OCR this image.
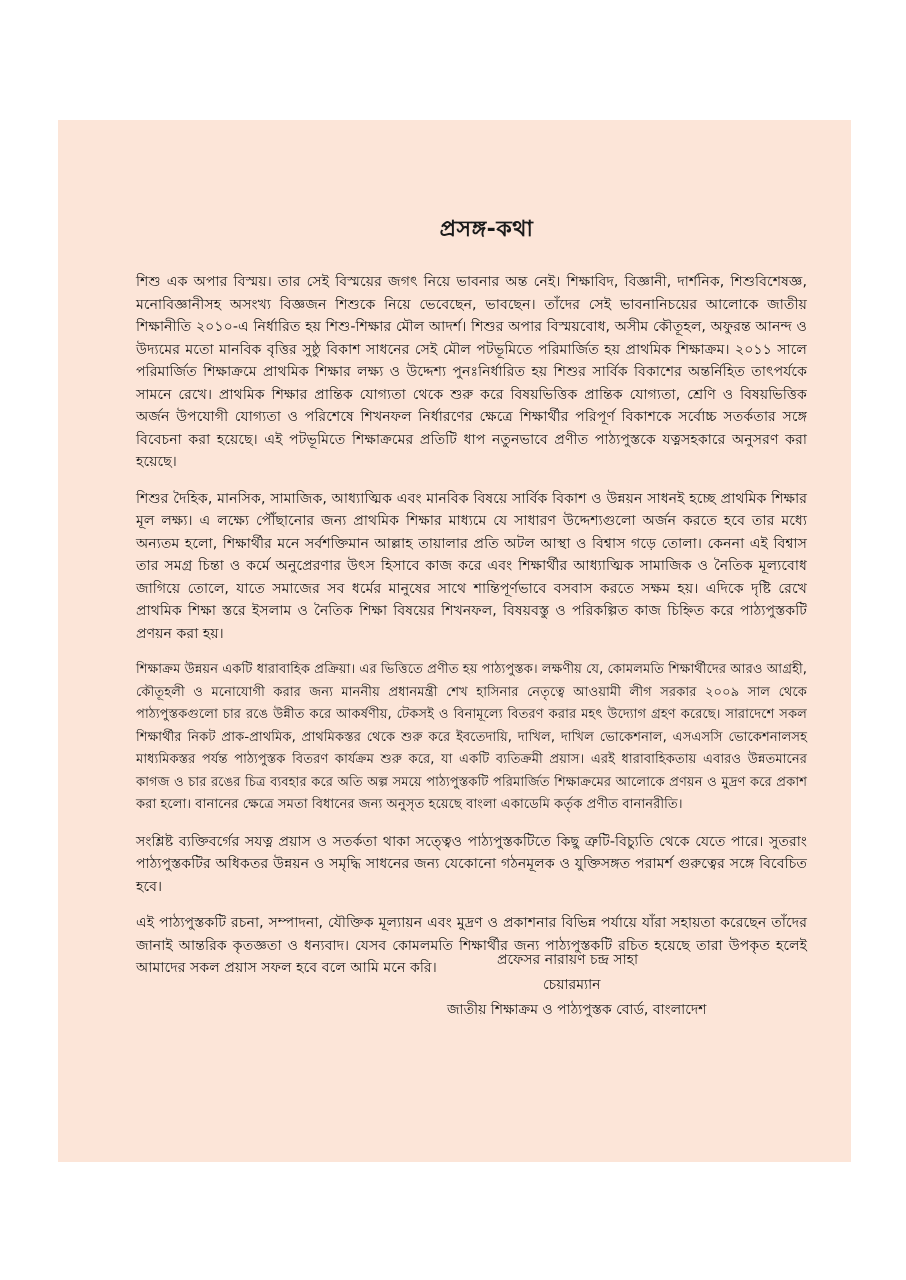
প্রসঙ্গ-কথা

শিশু এক অপার বিস্ময়। তার সেই বিস্ময়ের জগৎ নিয়ে ভাবনার অন্ত নেই। শিক্ষাবিদ, বিজ্ঞানী, দার্শনিক, শিশুবিশেষজ্ঞ, মনোবিজ্ঞানীসহ অসংখ্য বিজ্ঞজন শিশুকে নিয়ে ভেবেছেন, ভাবছেন। তাঁদের সেই ভাবনানিচয়ের আলোকে জাতীয় শিক্ষানীতি ২০১০-এ নির্ধারিত হয় শিশু-শিক্ষার মৌল আদর্শ। শিশুর অপার বিস্ময়বোধ, অসীম কৌতূহল, অফুরন্ত আনন্দ ও উদ্যমের মতো মানবিক বৃত্তির সুষ্ঠু বিকাশ সাধনের সেই মৌল পটভূমিতে পরিমার্জিত হয় প্রাথমিক শিক্ষাক্রম। ২০১১ সালে পরিমার্জিত শিক্ষাক্রমে প্রাথমিক শিক্ষার লক্ষ্য ও উদ্দেশ্য পুনঃনির্ধারিত হয় শিশুর সার্বিক বিকাশের অন্তর্নিহিত তাৎপর্যকে সামনে রেখে। প্রাথমিক শিক্ষার প্রান্তিক যোগ্যতা থেকে শুরু করে বিষয়ভিত্তিক প্রান্তিক যোগ্যতা, শ্রেণি ও বিষয়ভিত্তিক অর্জন উপযোগী যোগ্যতা ও পরিশেষে শিখনফল নির্ধারণের ক্ষেত্রে শিক্ষার্থীর পরিপূর্ণ বিকাশকে সর্বোচ্চ সতর্কতার সঙ্গে বিবেচনা করা হয়েছে। এই পটভূমিতে শিক্ষাক্রমের প্রতিটি ধাপ নতুনভাবে প্রণীত পাঠ্যপুস্তকে যত্নসহকারে অনুসরণ করা হয়েছে।

শিশুর দৈহিক, মানসিক, সামাজিক, আধ্যাত্মিক এবং মানবিক বিষয়ে সার্বিক বিকাশ ও উন্নয়ন সাধনই হচ্ছে প্রাথমিক শিক্ষার মূল লক্ষ্য। এ লক্ষ্যে পৌঁছানোর জন্য প্রাথমিক শিক্ষার মাধ্যমে যে সাধারণ উদ্দেশ্যগুলো অর্জন করতে হবে তার মধ্যে অন্যতম হলো, শিক্ষার্থীর মনে সর্বশক্তিমান আল্লাহ তায়ালার প্রতি অটল আস্থা ও বিশ্বাস গড়ে তোলা। কেননা এই বিশ্বাস তার সমগ্র চিন্তা ও কর্মে অনুপ্রেরণার উৎস হিসাবে কাজ করে এবং শিক্ষার্থীর আধ্যাত্মিক সামাজিক ও নৈতিক মূল্যবোধ জাগিয়ে তোলে, যাতে সমাজের সব ধর্মের মানুষের সাথে শান্তিপূর্ণভাবে বসবাস করতে সক্ষম হয়। এদিকে দৃষ্টি রেখে প্রাথমিক শিক্ষা স্তরে ইসলাম ও নৈতিক শিক্ষা বিষয়ের শিখনফল, বিষয়বস্তু ও পরিকল্পিত কাজ চিহ্নিত করে পাঠ্যপুস্তকটি প্রণয়ন করা হয়।

শিক্ষাক্রম উন্নয়ন একটি ধারাবাহিক প্রক্রিয়া। এর ভিত্তিতে প্রণীত হয় পাঠ্যপুস্তক। লক্ষণীয় যে, কোমলমতি শিক্ষার্থীদের আরও আগ্রহী, কৌতূহলী ও মনোযোগী করার জন্য মাননীয় প্রধানমন্ত্রী শেখ হাসিনার নেতৃত্বে আওয়ামী লীগ সরকার ২০০৯ সাল থেকে পাঠ্যপুস্তকগুলো চার রঙে উন্নীত করে আকর্ষণীয়, টেকসই ও বিনামূল্যে বিতরণ করার মহৎ উদ্যোগ গ্রহণ করেছে। সারাদেশে সকল শিক্ষার্থীর নিকট প্রাক-প্রাথমিক, প্রাথমিকস্তর থেকে শুরু করে ইবতেদায়ি, দাখিল, দাখিল ভোকেশনাল, এসএসসি ভোকেশনালসহ মাধ্যমিকস্তর পর্যন্ত পাঠ্যপুস্তক বিতরণ কার্যক্রম শুরু করে, যা একটি ব্যতিক্রমী প্রয়াস। এরই ধারাবাহিকতায় এবারও উন্নতমানের কাগজ ও চার রঙের চিত্র ব্যবহার করে অতি অল্প সময়ে পাঠ্যপুস্তকটি পরিমার্জিত শিক্ষাক্রমের আলোকে প্রণয়ন ও মুদ্রণ করে প্রকাশ করা হলো। বানানের ক্ষেত্রে সমতা বিধানের জন্য অনুসৃত হয়েছে বাংলা একাডেমি কর্তৃক প্রণীত বানানরীতি।

সংশ্লিষ্ট ব্যক্তিবর্গের সযত্ন প্রয়াস ও সতর্কতা থাকা সত্ত্বেও পাঠ্যপুস্তকটিতে কিছু ত্রুটি-বিচ্যুতি থেকে যেতে পারে। সুতরাং পাঠ্যপুস্তকটির অধিকতর উন্নয়ন ও সমৃদ্ধি সাধনের জন্য যেকোনো গঠনমূলক ও যুক্তিসঙ্গত পরামর্শ গুরুত্বের সঙ্গে বিবেচিত হবে।

এই পাঠ্যপুস্তকটি রচনা, সম্পাদনা, যৌক্তিক মূল্যায়ন এবং মুদ্রণ ও প্রকাশনার বিভিন্ন পর্যায়ে যাঁরা সহায়তা করেছেন তাঁদের জানাই আন্তরিক কৃতজ্ঞতা ও ধন্যবাদ। যেসব কোমলমতি শিক্ষার্থীর জন্য পাঠ্যপুস্তকটি রচিত হয়েছে তারা উপকৃত হলেই আমাদের সকল প্রয়াস সফল হবে বলে আমি মনে করি।	প্রফেসর নারায়ণ চন্দ্র সাহা
চেয়ারম্যান
জাতীয় শিক্ষাক্রম ও পাঠ্যপুস্তক বোর্ড, বাংলাদেশ
